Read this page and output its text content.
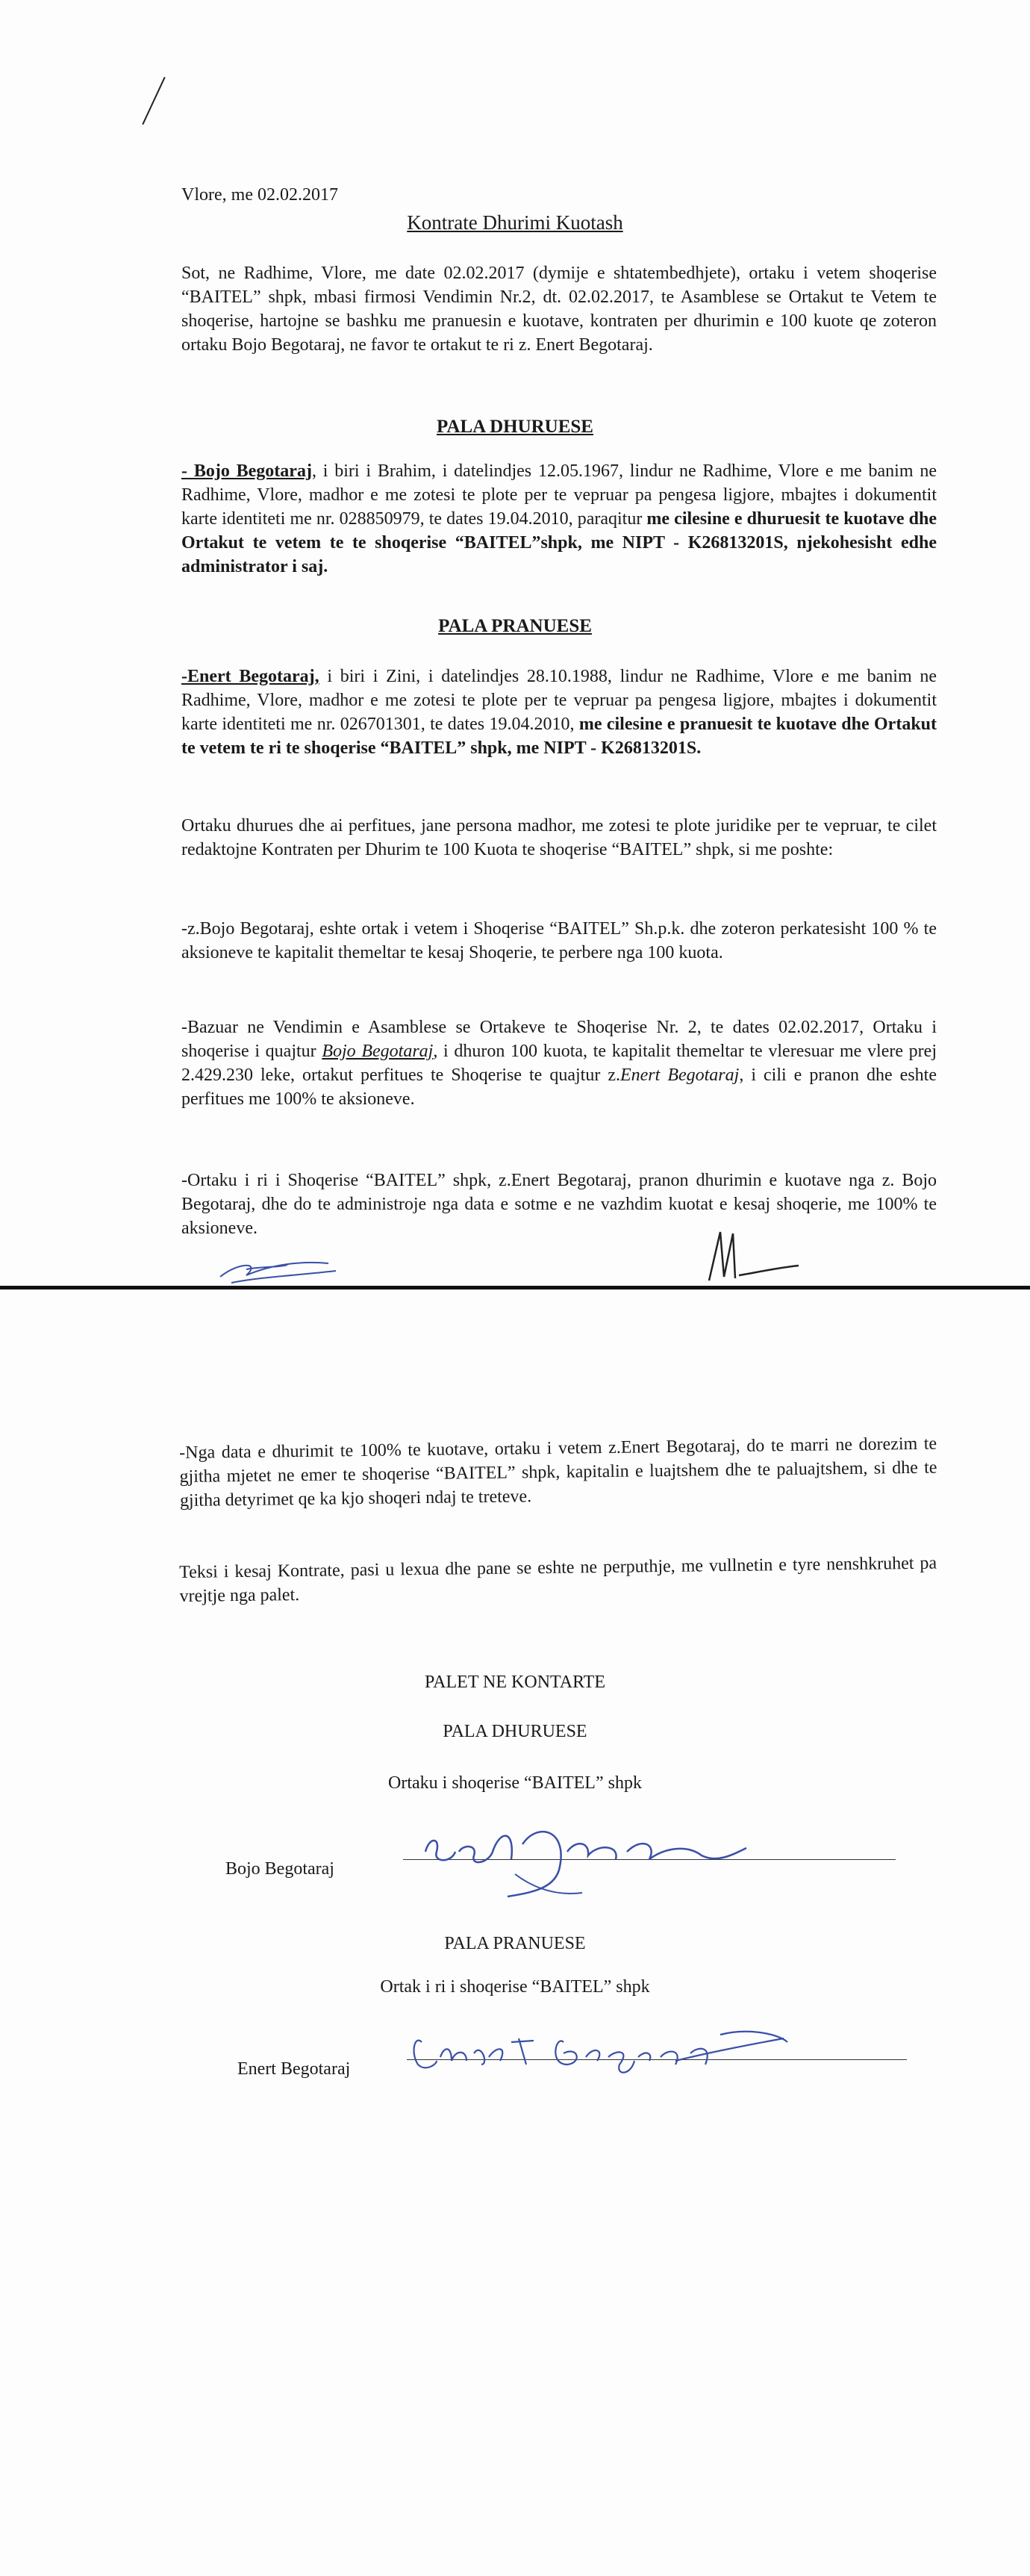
Vlore, me 02.02.2017
Kontrate Dhurimi Kuotash

Sot, ne Radhime, Vlore, me date 02.02.2017 (dymije e shtatembedhjete), ortaku i vetem shoqerise “BAITEL” shpk, mbasi firmosi Vendimin Nr.2, dt. 02.02.2017, te Asamblese se Ortakut te Vetem te shoqerise, hartojne se bashku me pranuesin e kuotave, kontraten per dhurimin e 100 kuote qe zoteron ortaku Bojo Begotaraj, ne favor te ortakut te ri z. Enert Begotaraj.

PALA DHURUESE

- Bojo Begotaraj, i biri i Brahim, i datelindjes 12.05.1967, lindur ne Radhime, Vlore e me banim ne Radhime, Vlore, madhor e me zotesi te plote per te vepruar pa pengesa ligjore, mbajtes i dokumentit karte identiteti me nr. 028850979, te dates 19.04.2010, paraqitur me cilesine e dhuruesit te kuotave dhe Ortakut te vetem te te shoqerise “BAITEL”shpk, me NIPT - K26813201S, njekohesisht edhe administrator i saj.

PALA PRANUESE

-Enert Begotaraj, i biri i Zini, i datelindjes 28.10.1988, lindur ne Radhime, Vlore e me banim ne Radhime, Vlore, madhor e me zotesi te plote per te vepruar pa pengesa ligjore, mbajtes i dokumentit karte identiteti me nr. 026701301, te dates 19.04.2010, me cilesine e pranuesit te kuotave dhe Ortakut te vetem te ri te shoqerise “BAITEL” shpk, me NIPT - K26813201S.

Ortaku dhurues dhe ai perfitues, jane persona madhor, me zotesi te plote juridike per te vepruar, te cilet redaktojne Kontraten per Dhurim te 100 Kuota te shoqerise “BAITEL” shpk, si me poshte:

-z.Bojo Begotaraj, eshte ortak i vetem i Shoqerise “BAITEL” Sh.p.k. dhe zoteron perkatesisht 100 % te aksioneve te kapitalit themeltar te kesaj Shoqerie, te perbere nga 100 kuota.

-Bazuar ne Vendimin e Asamblese se Ortakeve te Shoqerise Nr. 2, te dates 02.02.2017, Ortaku i shoqerise i quajtur Bojo Begotaraj, i dhuron 100 kuota, te kapitalit themeltar te vleresuar me vlere prej 2.429.230 leke, ortakut perfitues te Shoqerise te quajtur z.Enert Begotaraj, i cili e pranon dhe eshte perfitues me 100% te aksioneve.

-Ortaku i ri i Shoqerise “BAITEL” shpk, z.Enert Begotaraj, pranon dhurimin e kuotave nga z. Bojo Begotaraj, dhe do te administroje nga data e sotme e ne vazhdim kuotat e kesaj shoqerie, me 100% te aksioneve.

-Nga data e dhurimit te 100% te kuotave, ortaku i vetem z.Enert Begotaraj, do te marri ne dorezim te gjitha mjetet ne emer te shoqerise “BAITEL” shpk, kapitalin e luajtshem dhe te paluajtshem, si dhe te gjitha detyrimet qe ka kjo shoqeri ndaj te treteve.

Teksi i kesaj Kontrate, pasi u lexua dhe pane se eshte ne perputhje, me vullnetin e tyre nenshkruhet pa vrejtje nga palet.

PALET NE KONTARTE
PALA DHURUESE
Ortaku i shoqerise “BAITEL” shpk
Bojo Begotaraj
PALA PRANUESE
Ortak i ri i shoqerise “BAITEL” shpk
Enert Begotaraj
